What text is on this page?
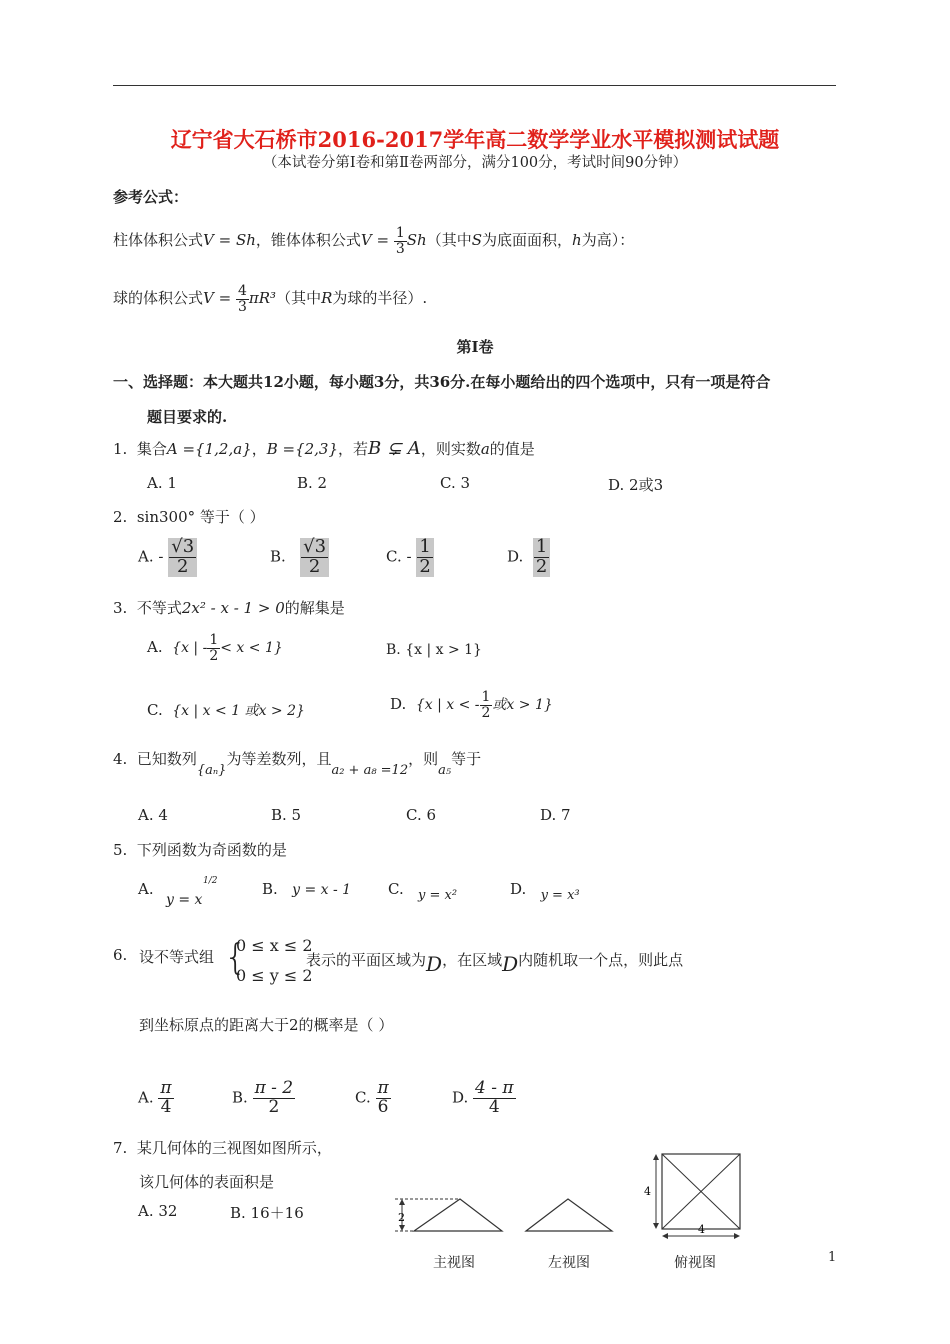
辽宁省大石桥市2016-2017学年高二数学学业水平模拟测试试题
（本试卷分第Ⅰ卷和第Ⅱ卷两部分，满分100分，考试时间90分钟）
参考公式：
柱体体积公式V = Sh，锥体体积公式$V = \frac{1}{3} Sh$（其中S为底面面积，h为高）：
球的体积公式$V = \frac{4}{3} \pi R^3$（其中R为球的半径）.
第Ⅰ卷
一、选择题：本大题共12小题，每小题3分，共36分.在每小题给出的四个选项中，只有一项是符合
题目要求的.
1. 集合A ={1,2,a}，B ={2,3}，若B ⊊ A，则实数a的值是
A. 1	B. 2	C. 3	D. 2或3
2. sin300° 等于（ ）
A. - $\frac{√3}{2}$	B. $\frac{√3}{2}$	C. - $\frac{1}{2}$	D. $\frac{1}{2}$
3. 不等式2x² - x - 1 > 0的解集是
A. {x | - $\frac{1}{2} < x < 1$}	B. {x | x > 1}
C. {x | x < 1 或x > 2}	D. {x | x < - $\frac{1}{2}$ 或x > 1}
4. 已知数列{aₙ}为等差数列，且a₂ + a₈ =12，则a₅等于
A. 4	B. 5	C. 6	D. 7
5. 下列函数为奇函数的是
A.
y = x
1/2	B. y = x - 1 C. y = x²	D. y = x³
6. 设不等式组 {
0 ≤ x ≤ 2
0 ≤ y ≤ 2
表示的平面区域为D，在区域D内随机取一个点，则此点
到坐标原点的距离大于2的概率是（ ）
A. $\frac{\pi}{4}$	B. $\frac{\pi - 2}{2}$	C. $\frac{\pi}{6}$	D. $\frac{4 - \pi}{4}$
7. 某几何体的三视图如图所示，
该几何体的表面积是
A. 32	B. 16＋16	2
4
4
主视图	左视图	俯视图	1
